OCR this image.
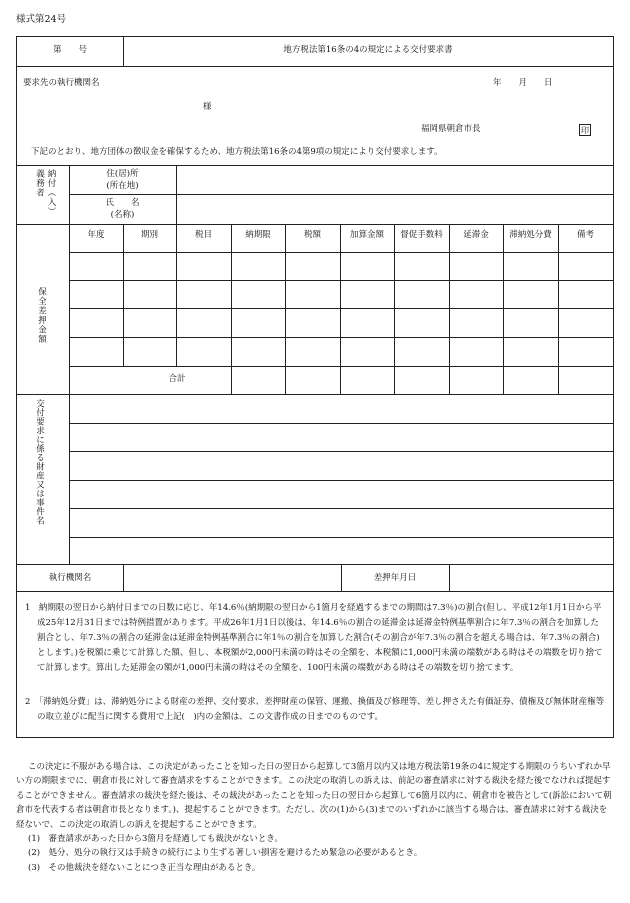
様式第24号
第　　号	地方税法第16条の4の規定による交付要求書
要求先の執行機関名	年　　月　　日
様
福岡県朝倉市長	印
下記のとおり、地方団体の徴収金を確保するため、地方税法第16条の4第9項の規定により交付要求します。
納付（入）義務者	住(居)所
(所在地)
氏　　名
(名称)
保全差押金額
年度	期別	税目	納期限	税額	加算金額	督促手数料	延滞金	滞納処分費	備考
合計
交付要求に係る財産又は事件名
執行機関名	差押年月日
1　納期限の翌日から納付日までの日数に応じ、年14.6％(納期限の翌日から1箇月を経過するまでの期間は7.3％)の割合(但し、平成12年1月1日から平成25年12月31日までは特例措置があります。平成26年1月1日以後は、年14.6％の割合の延滞金は延滞金特例基準割合に年7.3％の割合を加算した割合とし、年7.3％の割合の延滞金は延滞金特例基準割合に年1％の割合を加算した割合(その割合が年7.3％の割合を超える場合は、年7.3％の割合)とします。)を税額に乗じて計算した額、但し、本税額が2,000円未満の時はその全額を、本税額に1,000円未満の端数がある時はその端数を切り捨てて計算します。算出した延滞金の額が1,000円未満の時はその全額を、100円未満の端数がある時はその端数を切り捨てます。
2　「滞納処分費」は、滞納処分による財産の差押、交付要求、差押財産の保管、運搬、換価及び修理等、差し押さえた有価証券、債権及び無体財産権等の取立並びに配当に関する費用で上記(　)内の金額は、この文書作成の日までのものです。

この決定に不服がある場合は、この決定があったことを知った日の翌日から起算して3箇月以内又は地方税法第19条の4に規定する期限のうちいずれか早い方の期限までに、朝倉市長に対して審査請求をすることができます。この決定の取消しの訴えは、前記の審査請求に対する裁決を経た後でなければ提起することができません。審査請求の裁決を経た後は、その裁決があったことを知った日の翌日から起算して6箇月以内に、朝倉市を被告として(訴訟において朝倉市を代表する者は朝倉市長となります。)、提起することができます。ただし、次の(1)から(3)までのいずれかに該当する場合は、審査請求に対する裁決を経ないで、この決定の取消しの訴えを提起することができます。

(1)　審査請求があった日から3箇月を経過しても裁決がないとき。

(2)　処分、処分の執行又は手続きの続行により生ずる著しい損害を避けるため緊急の必要があるとき。

(3)　その他裁決を経ないことにつき正当な理由があるとき。
